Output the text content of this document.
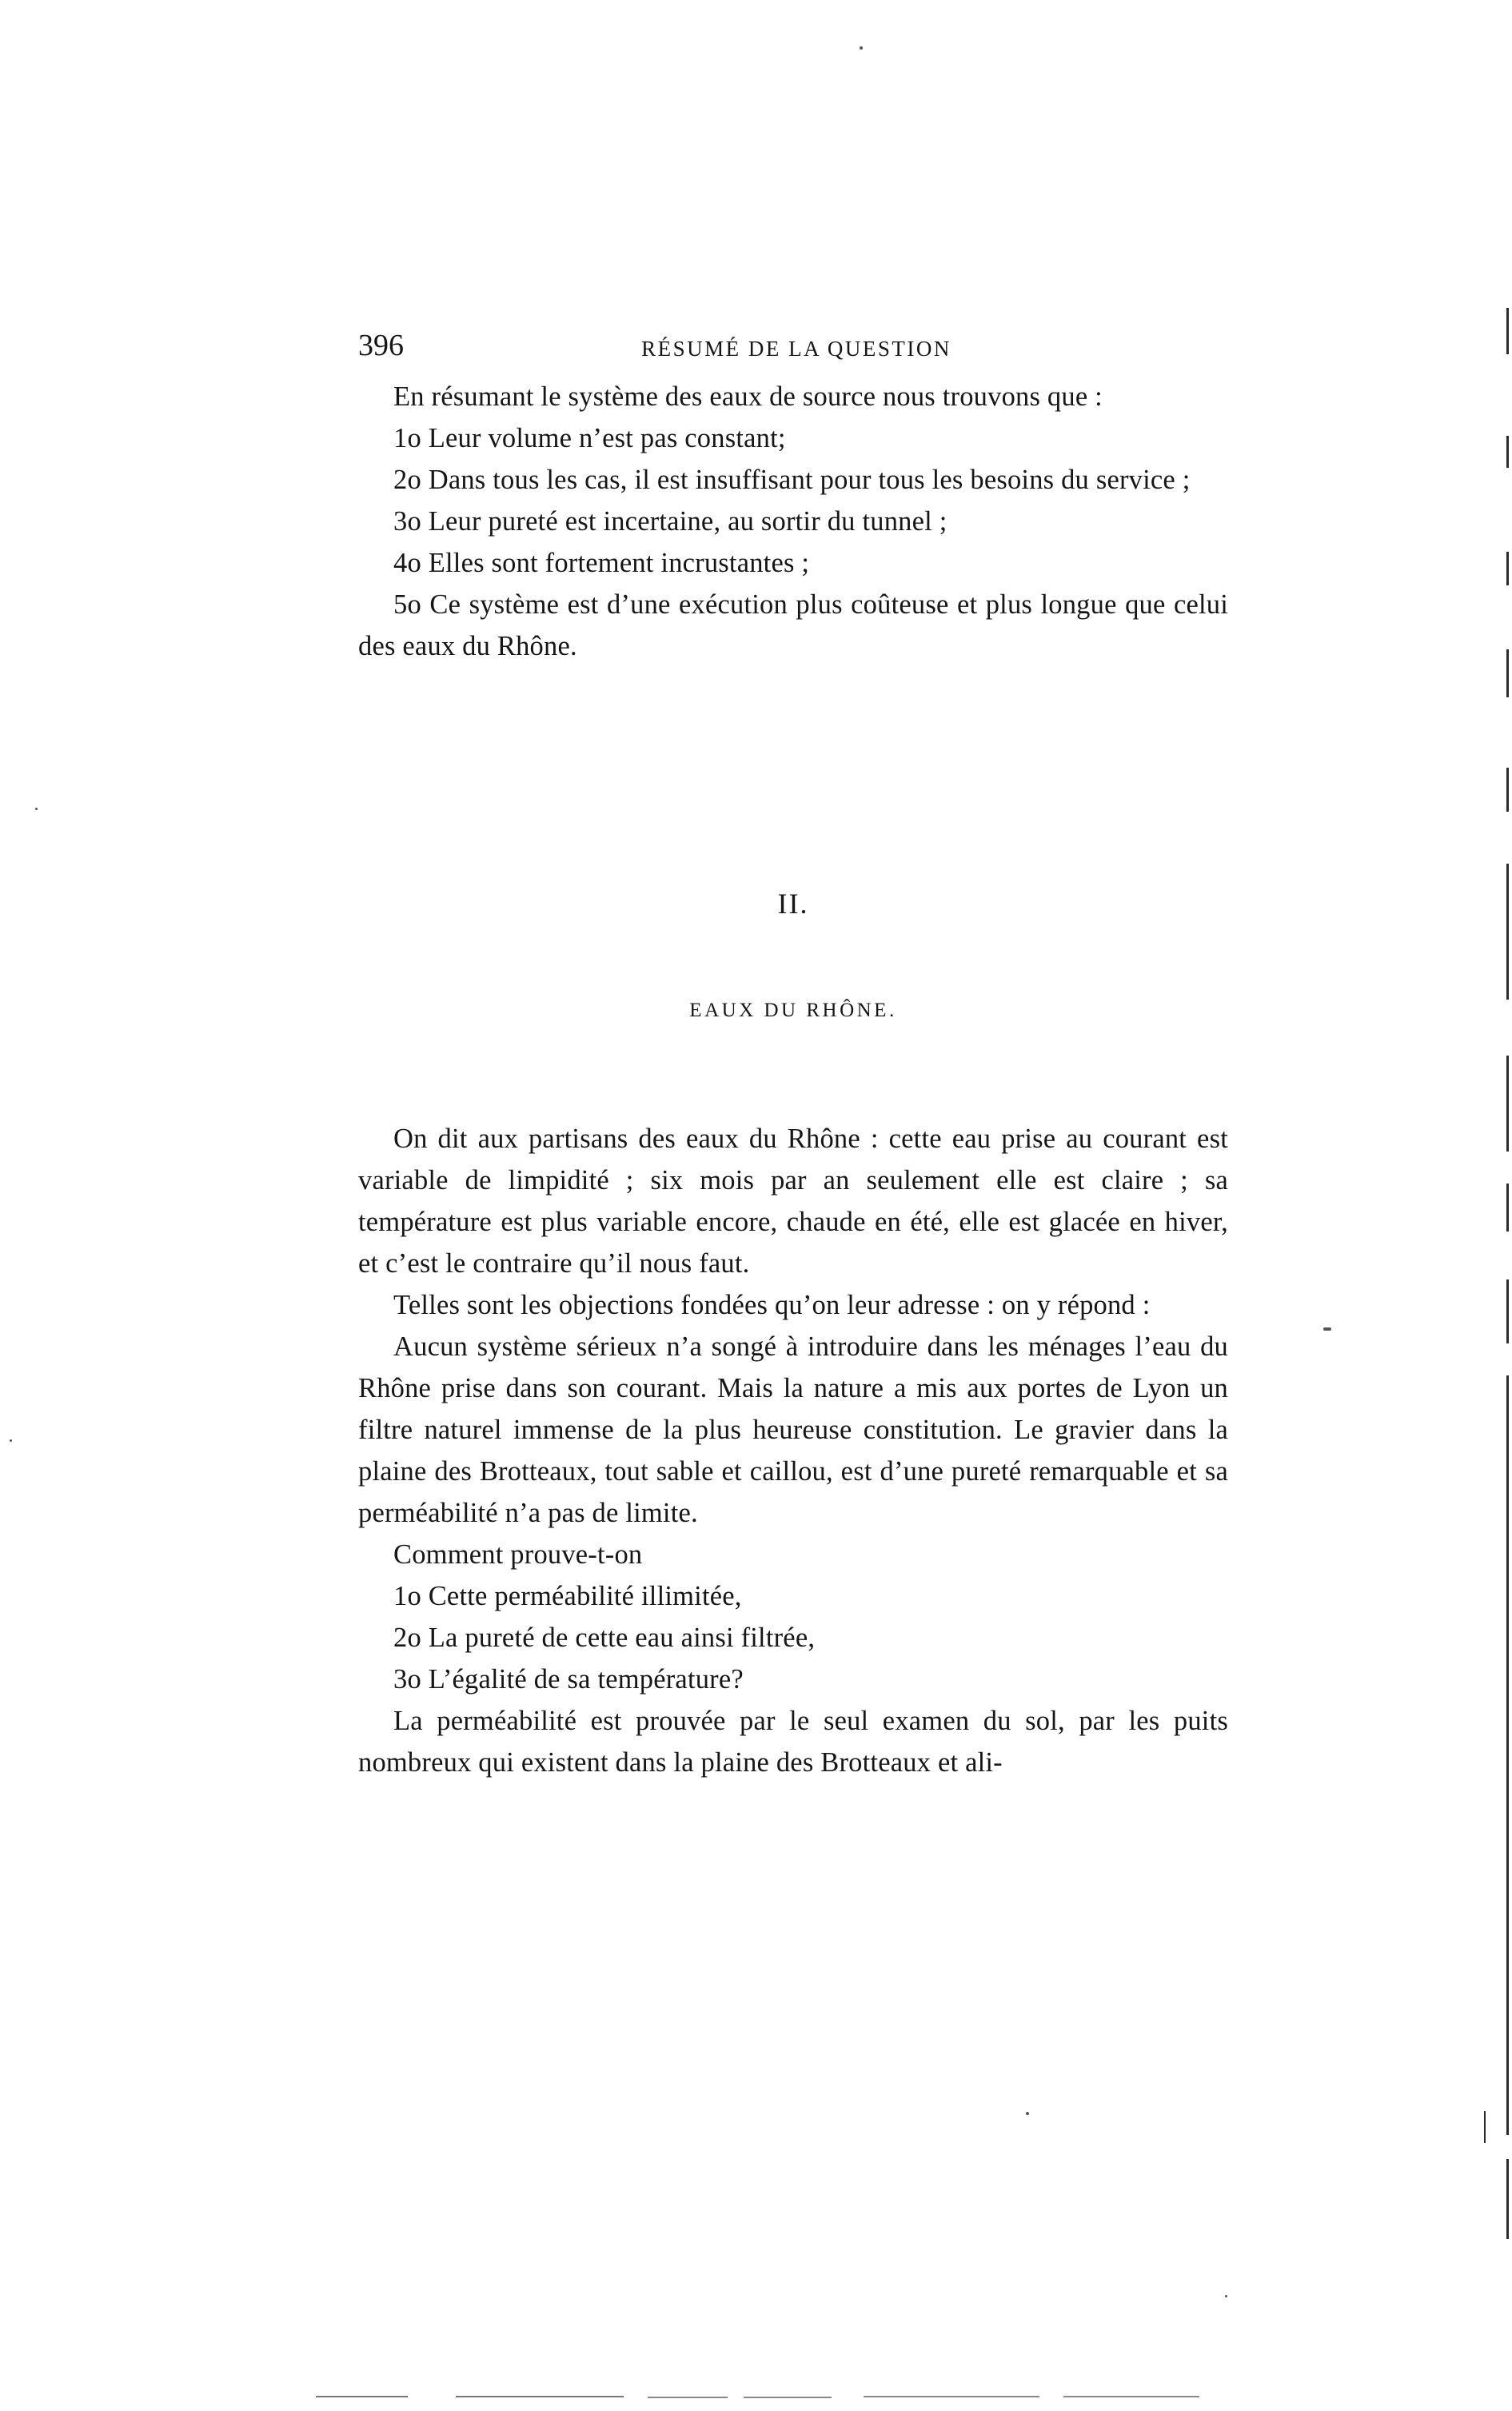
396	RÉSUMÉ DE LA QUESTION

En résumant le système des eaux de source nous trouvons que :

1o Leur volume n’est pas constant;

2o Dans tous les cas, il est insuffisant pour tous les besoins du service ;

3o Leur pureté est incertaine, au sortir du tunnel ;

4o Elles sont fortement incrustantes ;

5o Ce système est d’une exécution plus coûteuse et plus longue que celui des eaux du Rhône.

II.
EAUX DU RHÔNE.

On dit aux partisans des eaux du Rhône : cette eau prise au courant est variable de limpidité ; six mois par an seulement elle est claire ; sa température est plus variable encore, chaude en été, elle est glacée en hiver, et c’est le contraire qu’il nous faut.

Telles sont les objections fondées qu’on leur adresse : on y répond :

Aucun système sérieux n’a songé à introduire dans les ménages l’eau du Rhône prise dans son courant. Mais la nature a mis aux portes de Lyon un filtre naturel immense de la plus heureuse constitution. Le gravier dans la plaine des Brotteaux, tout sable et caillou, est d’une pureté remarquable et sa perméabilité n’a pas de limite.

Comment prouve-t-on

1o Cette perméabilité illimitée,

2o La pureté de cette eau ainsi filtrée,

3o L’égalité de sa température?

La perméabilité est prouvée par le seul examen du sol, par les puits nombreux qui existent dans la plaine des Brotteaux et ali-
